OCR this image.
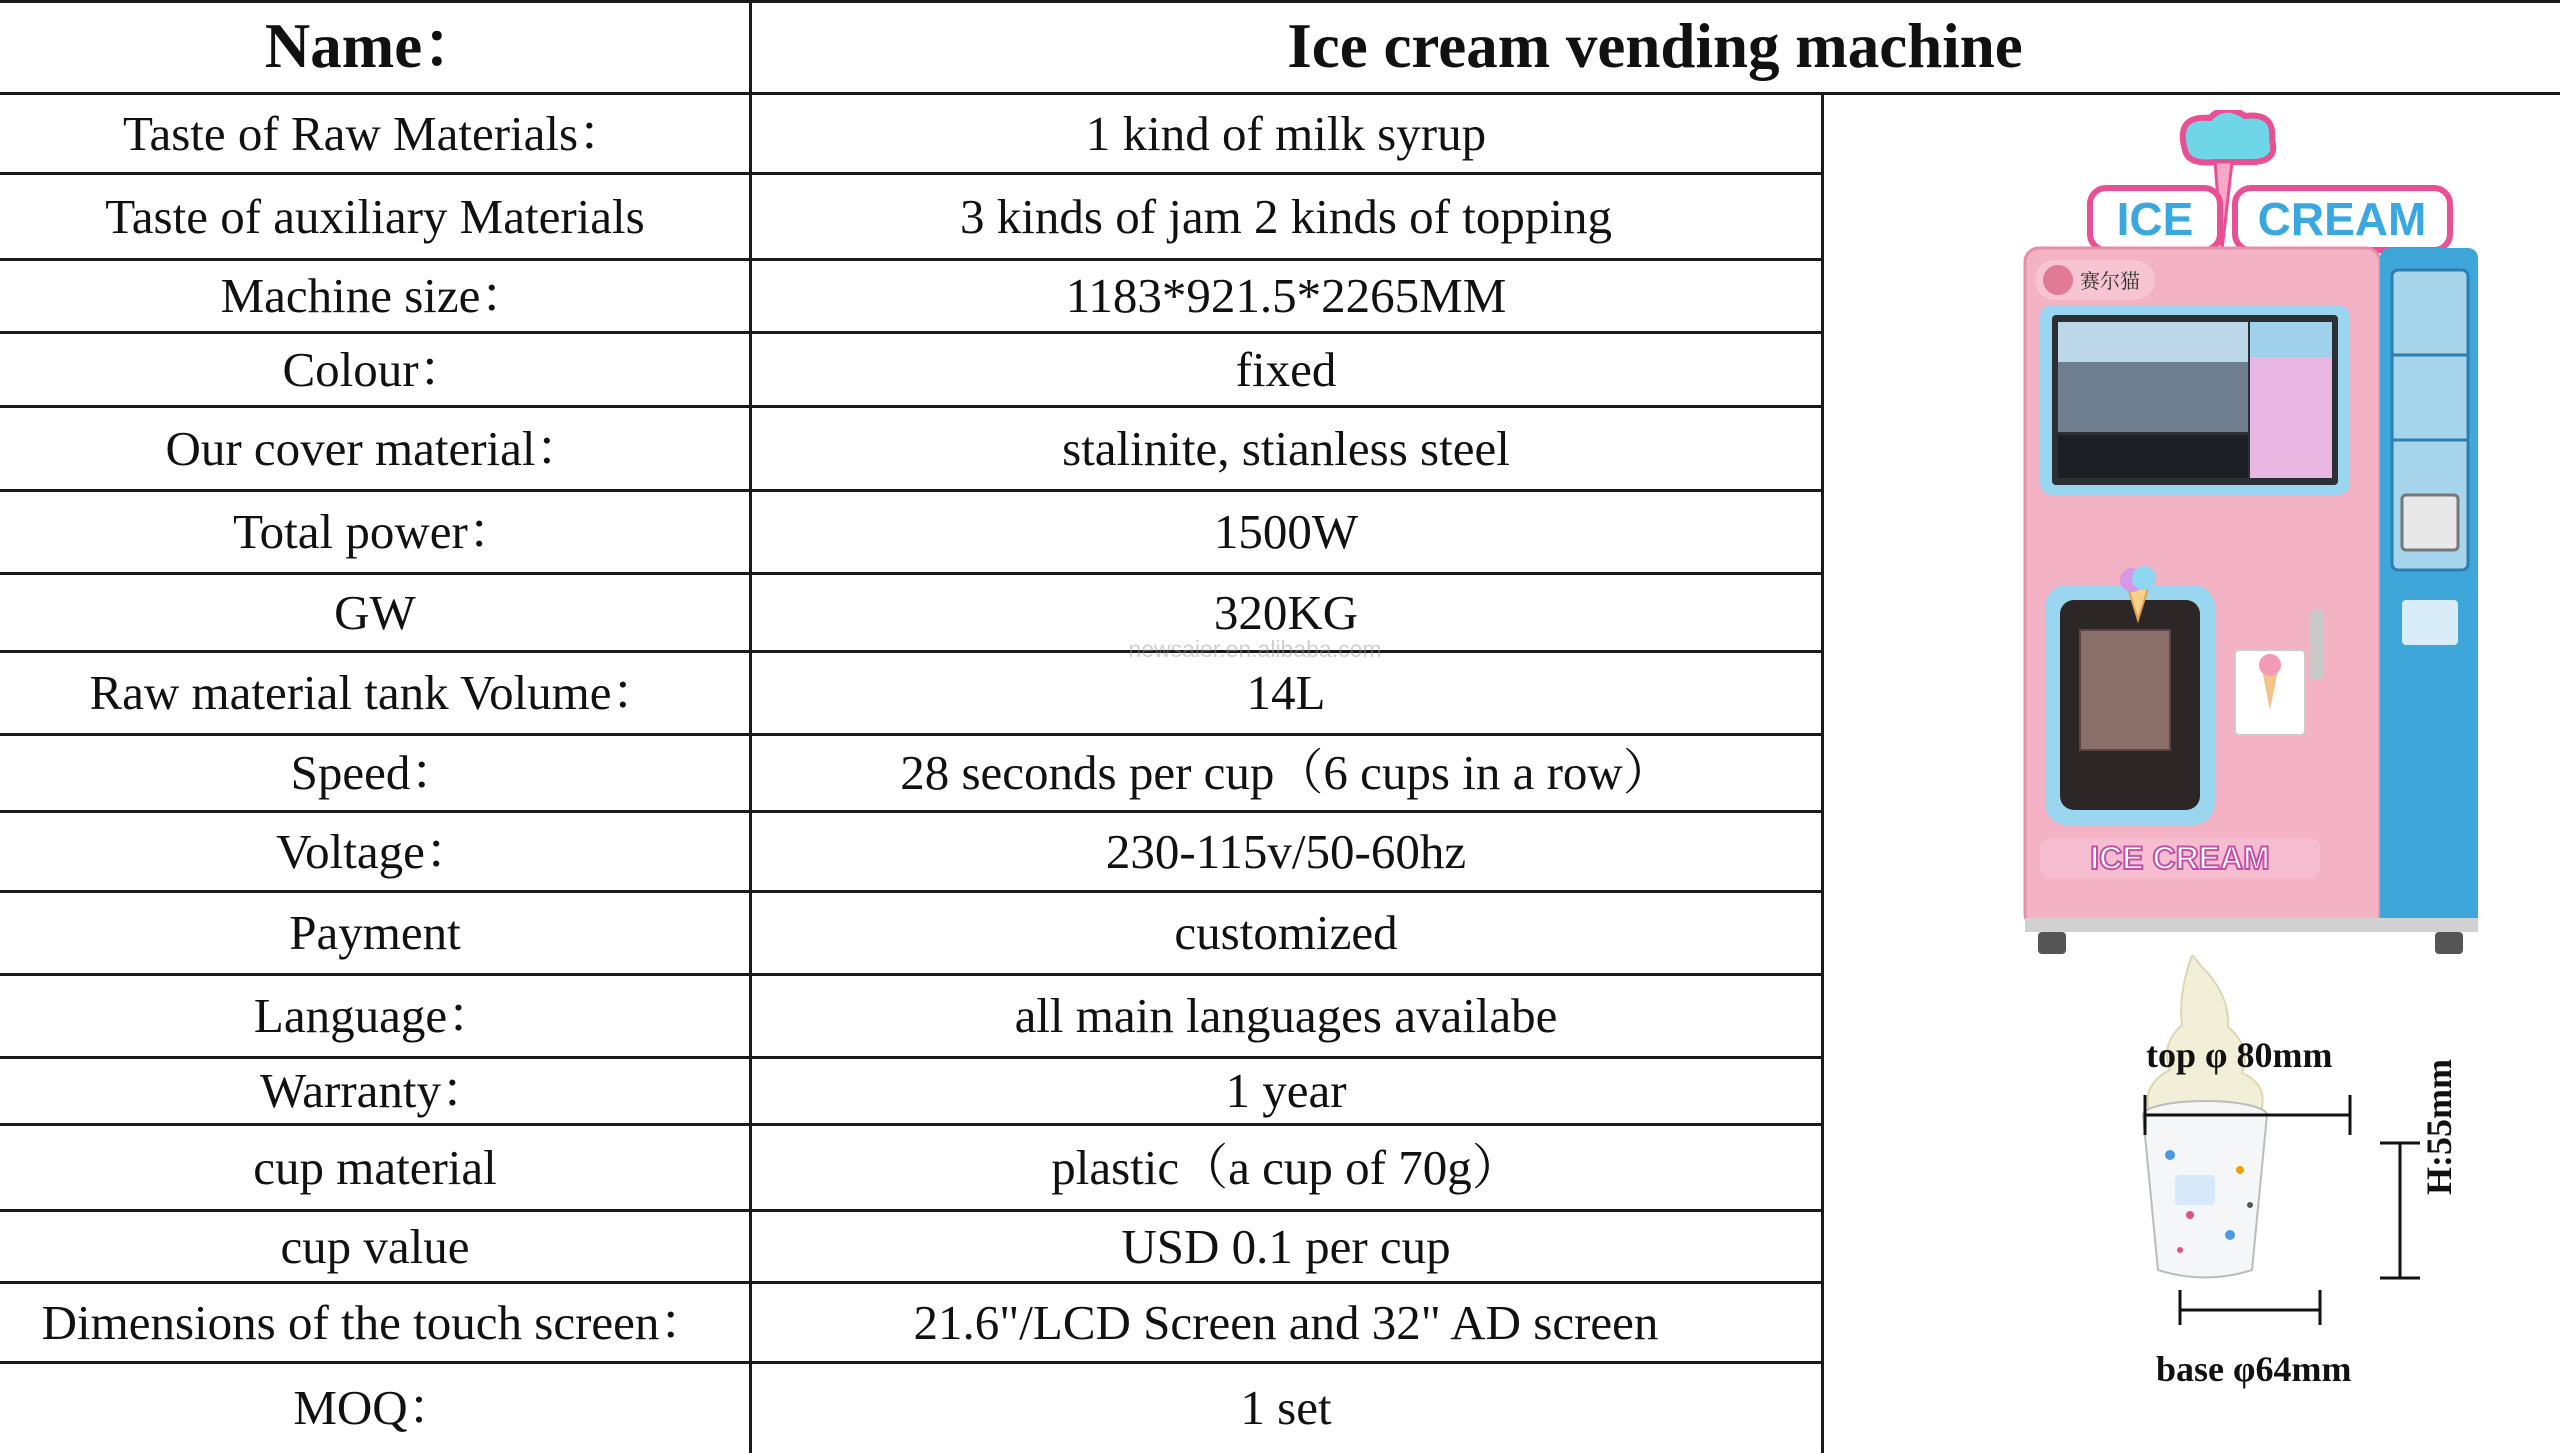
Name：	Ice cream vending machine
Taste of Raw Materials：	1 kind of milk syrup
Taste of auxiliary Materials	3 kinds of jam 2 kinds of topping
Machine size：	1183*921.5*2265MM
Colour：	fixed
Our cover material：	stalinite, stianless steel
Total power：	1500W
GW	320KG
Raw material tank Volume：	14L
Speed：	28 seconds per cup（6 cups in a row）
Voltage：	230-115v/50-60hz
Payment	customized
Language：	all main languages availabe
Warranty：	1 year
cup material	plastic（a cup of 70g）
cup value	USD 0.1 per cup
Dimensions of the touch screen：	21.6"/LCD Screen and 32" AD screen
MOQ：	1 set
newsaier.en.alibaba.com
ICE CREAM
赛尔猫
ICE CREAM
top φ 80mm
H:55mm
base φ64mm
